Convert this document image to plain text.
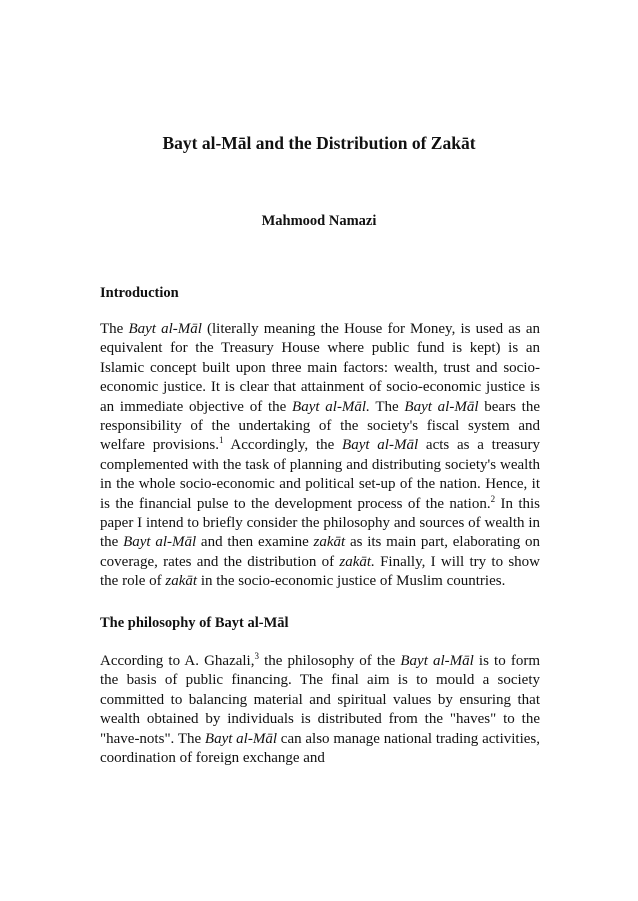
Bayt al-Māl and the Distribution of Zakāt
Mahmood Namazi
Introduction

The Bayt al-Māl (literally meaning the House for Money, is used as an equivalent for the Treasury House where public fund is kept) is an Islamic concept built upon three main factors: wealth, trust and socio-economic justice. It is clear that attainment of socio-economic justice is an immediate objective of the Bayt al-Māl. The Bayt al-Māl bears the responsibility of the undertaking of the society's fiscal system and welfare provisions.$^1$ Accordingly, the Bayt al-Māl acts as a treasury complemented with the task of planning and distributing society's wealth in the whole socio-economic and political set-up of the nation. Hence, it is the financial pulse to the development process of the nation.$^2$ In this paper I intend to briefly consider the philosophy and sources of wealth in the Bayt al-Māl and then examine zakāt as its main part, elaborating on coverage, rates and the distribution of zakāt. Finally, I will try to show the role of zakāt in the socio-economic justice of Muslim countries.

The philosophy of Bayt al-Māl

According to A. Ghazali,$^3$ the philosophy of the Bayt al-Māl is to form the basis of public financing. The final aim is to mould a society committed to balancing material and spiritual values by ensuring that wealth obtained by individuals is distributed from the "haves" to the "have-nots". The Bayt al-Māl can also manage national trading activities, coordination of foreign exchange and
